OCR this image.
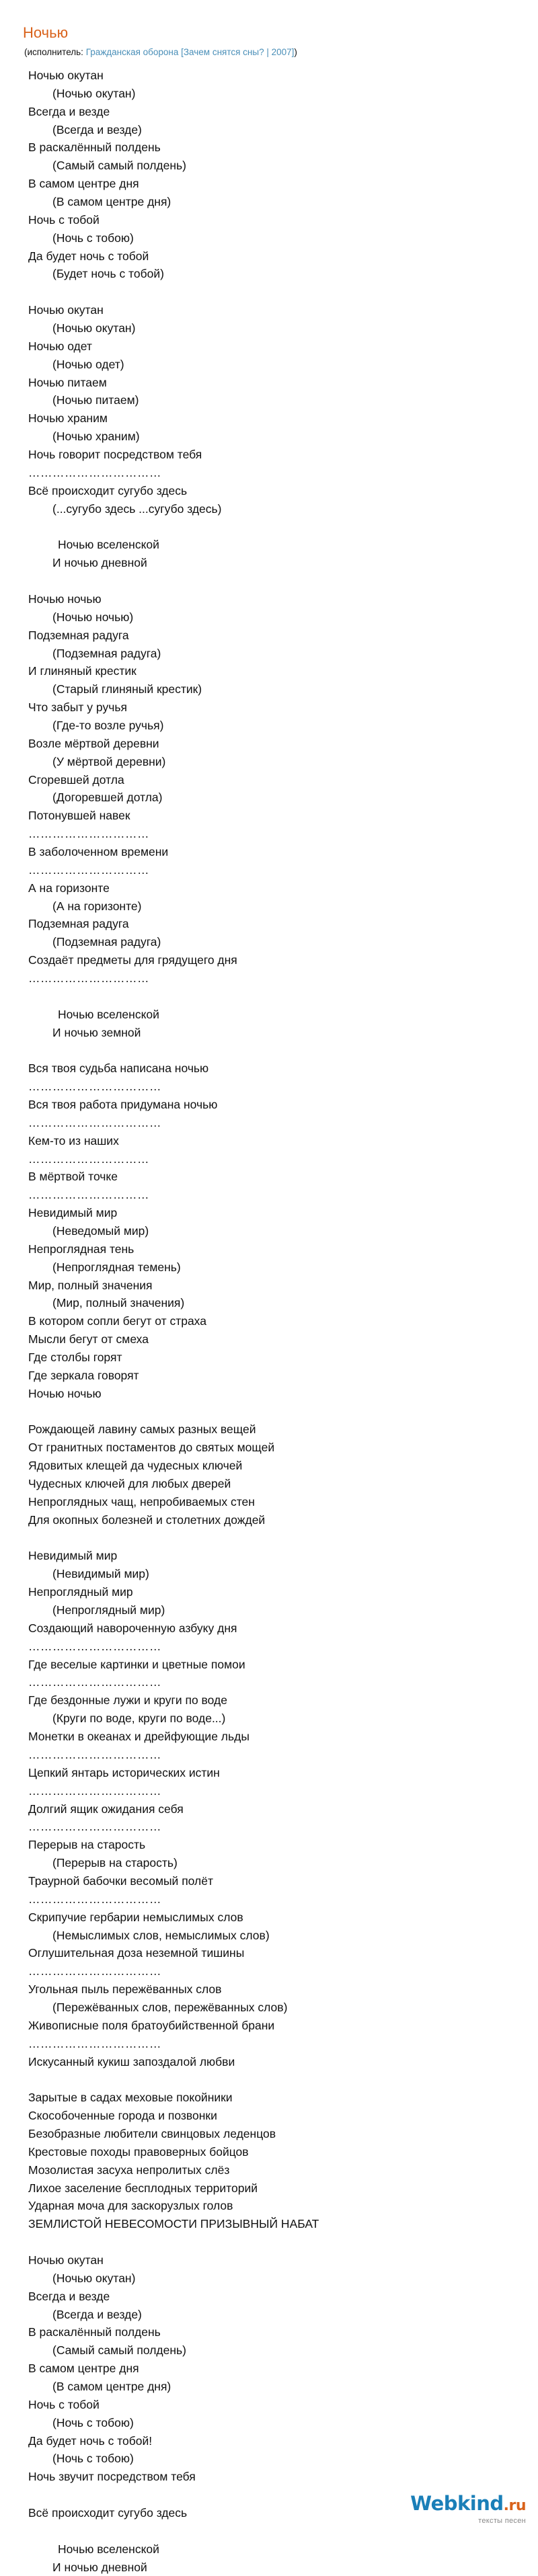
Ночью
(исполнитель: Гражданская оборона [Зачем снятся сны? | 2007])
Ночью окутан
(Ночью окутан)
Всегда и везде
(Всегда и везде)
В раскалённый полдень
(Самый самый полдень)
В самом центре дня
(В самом центре дня)
Ночь с тобой
(Ночь с тобою)
Да будет ночь с тобой
(Будет ночь с тобой)
Ночью окутан
(Ночью окутан)
Ночью одет
(Ночью одет)
Ночью питаем
(Ночью питаем)
Ночью храним
(Ночью храним)
Ночь говорит посредством тебя
……………………………
Всё происходит сугубо здесь
(...сугубо здесь ...сугубо здесь)
Ночью вселенской
И ночью дневной
Ночью ночью
(Ночью ночью)
Подземная радуга
(Подземная радуга)
И глиняный крестик
(Старый глиняный крестик)
Что забыт у ручья
(Где-то возле ручья)
Возле мёртвой деревни
(У мёртвой деревни)
Сгоревшей дотла
(Догоревшей дотла)
Потонувшей навек
…………………………
В заболоченном времени
…………………………
А на горизонте
(А на горизонте)
Подземная радуга
(Подземная радуга)
Создаёт предметы для грядущего дня
…………………………
Ночью вселенской
И ночью земной
Вся твоя судьба написана ночью
……………………………
Вся твоя работа придумана ночью
……………………………
Кем-то из наших
…………………………
В мёртвой точке
…………………………
Невидимый мир
(Неведомый мир)
Непроглядная тень
(Непроглядная темень)
Мир, полный значения
(Мир, полный значения)
В котором сопли бегут от страха
Мысли бегут от смеха
Где столбы горят
Где зеркала говорят
Ночью ночью
Рождающей лавину самых разных вещей
От гранитных постаментов до святых мощей
Ядовитых клещей да чудесных ключей
Чудесных ключей для любых дверей
Непроглядных чащ, непробиваемых стен
Для окопных болезней и столетних дождей
Невидимый мир
(Невидимый мир)
Непроглядный мир
(Непроглядный мир)
Создающий навороченную азбуку дня
……………………………
Где веселые картинки и цветные помои
……………………………
Где бездонные лужи и круги по воде
(Круги по воде, круги по воде...)
Монетки в океанах и дрейфующие льды
……………………………
Цепкий янтарь исторических истин
……………………………
Долгий ящик ожидания себя
……………………………
Перерыв на старость
(Перерыв на старость)
Траурной бабочки весомый полёт
……………………………
Скрипучие гербарии немыслимых слов
(Немыслимых слов, немыслимых слов)
Оглушительная доза неземной тишины
……………………………
Угольная пыль пережёванных слов
(Пережёванных слов, пережёванных слов)
Живописные поля братоубийственной брани
……………………………
Искусанный кукиш запоздалой любви
Зарытые в садах меховые покойники
Скособоченные города и позвонки
Безобразные любители свинцовых леденцов
Крестовые походы правоверных бойцов
Мозолистая засуха непролитых слёз
Лихое заселение бесплодных территорий
Ударная моча для заскорузлых голов
ЗЕМЛИСТОЙ НЕВЕСОМОСТИ ПРИЗЫВНЫЙ НАБАТ
Ночью окутан
(Ночью окутан)
Всегда и везде
(Всегда и везде)
В раскалённый полдень
(Самый самый полдень)
В самом центре дня
(В самом центре дня)
Ночь с тобой
(Ночь с тобою)
Да будет ночь с тобой!
(Ночь с тобою)
Ночь звучит посредством тебя
Всё происходит сугубо здесь
Ночью вселенской
И ночью дневной
Webkind.ru
тексты песен
